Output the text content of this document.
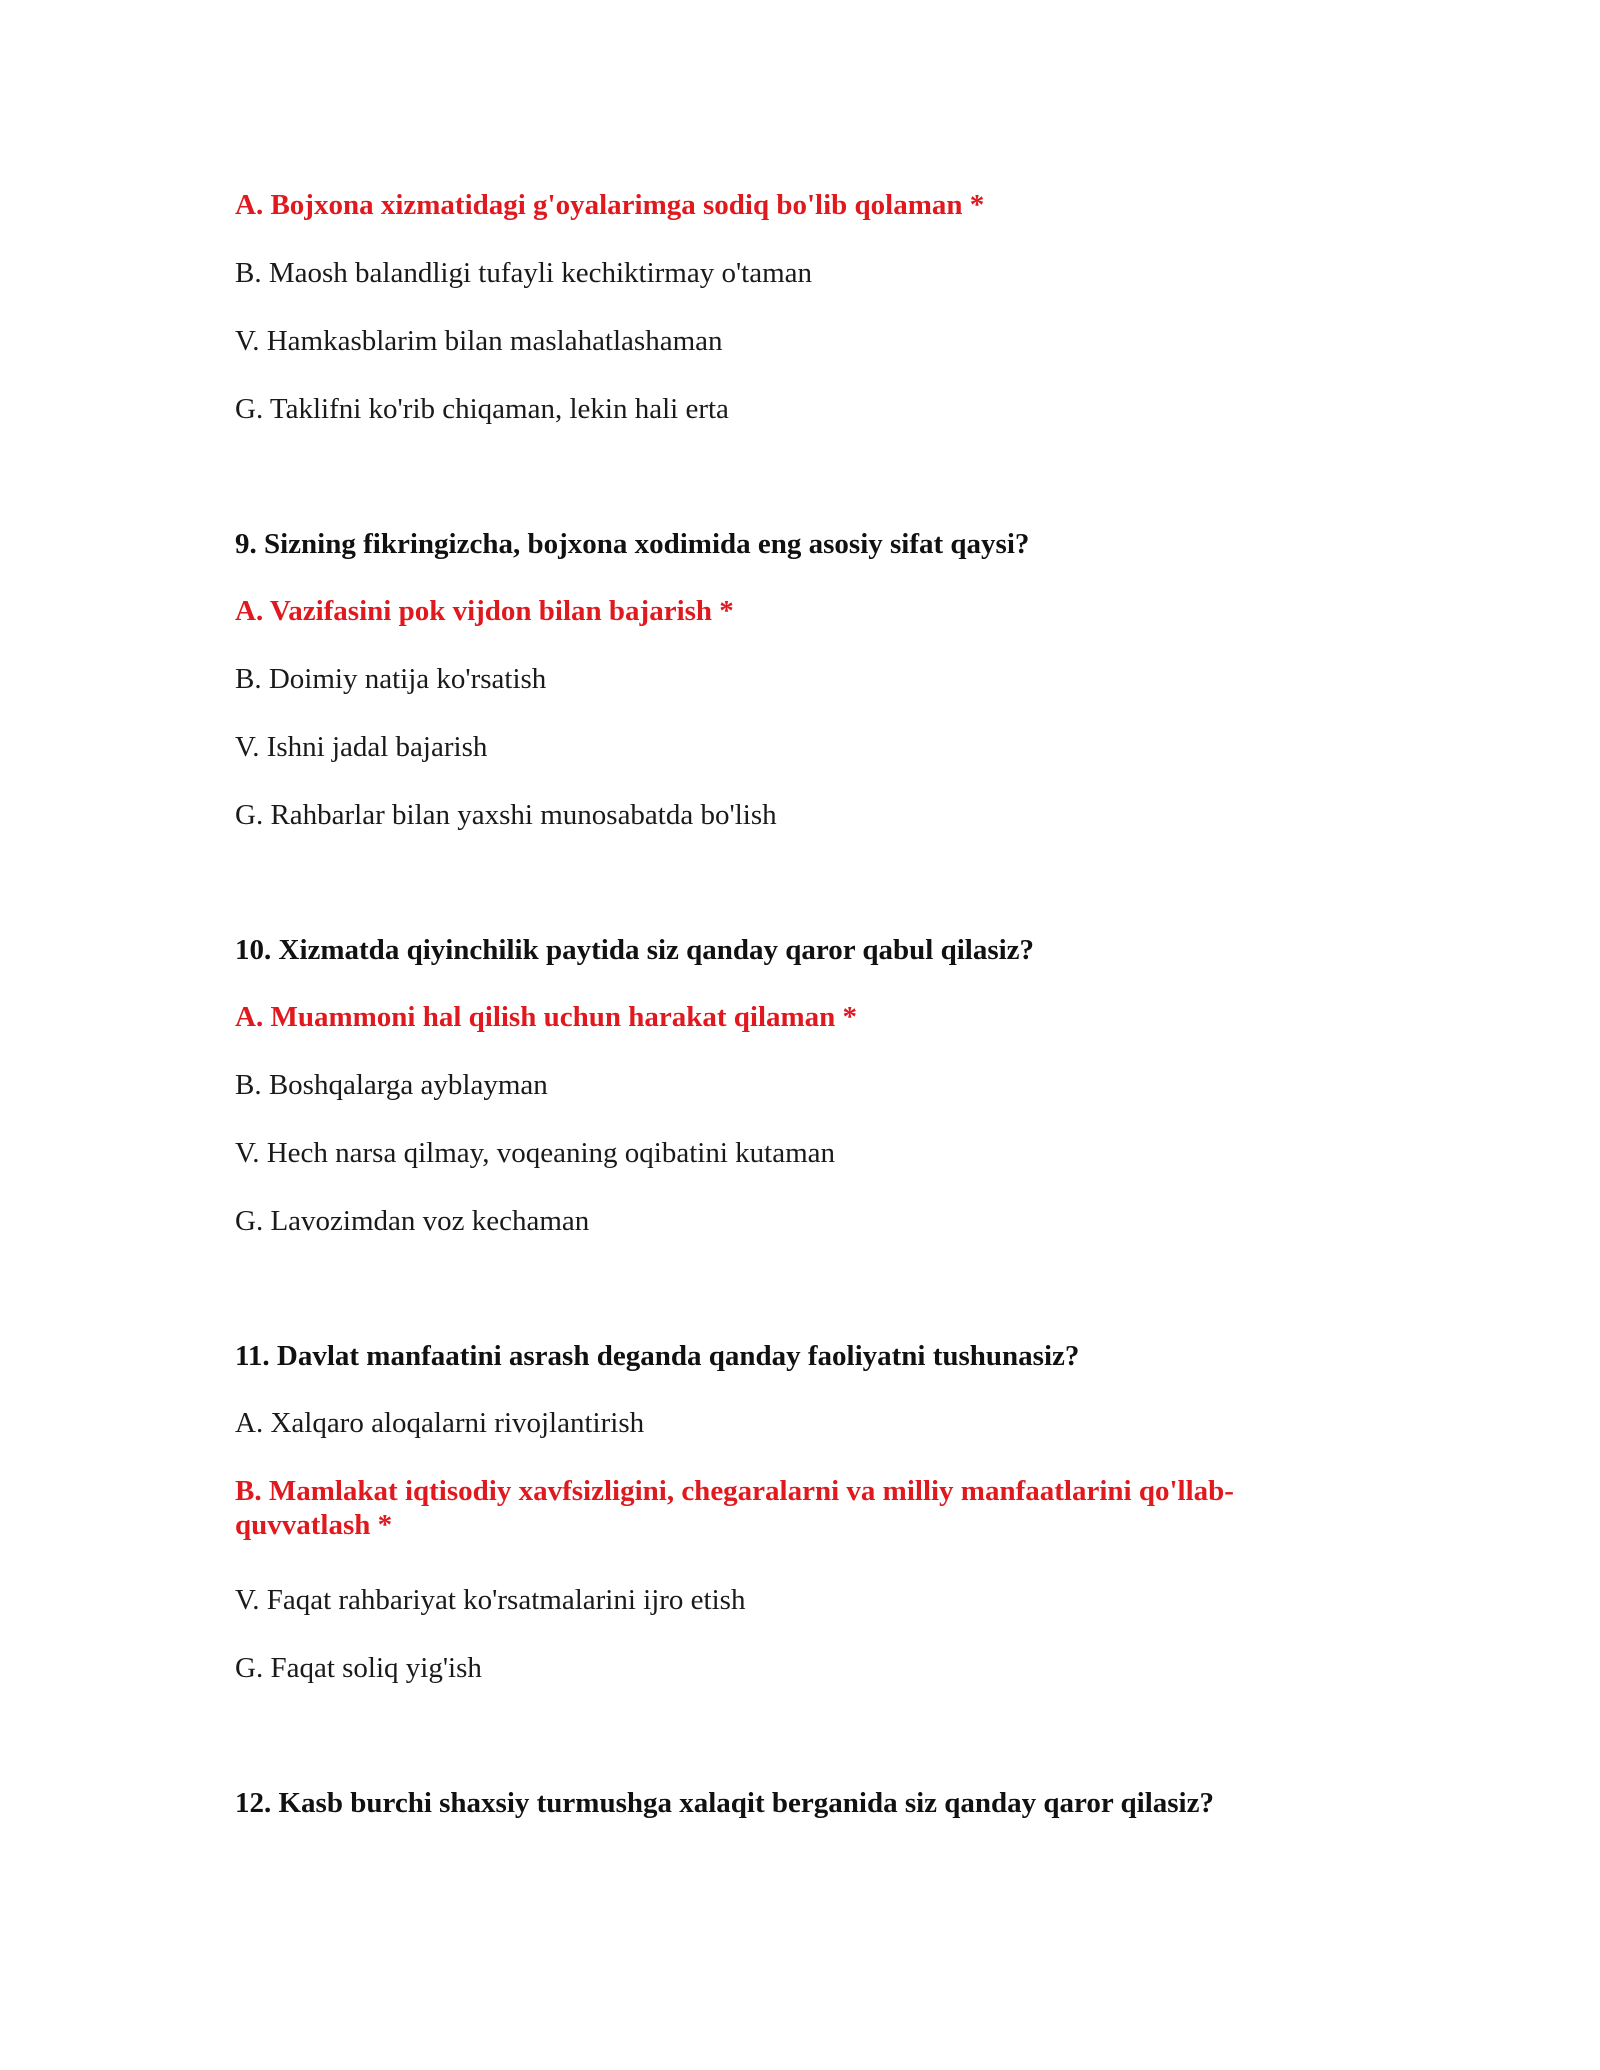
A. Bojxona xizmatidagi g'oyalarimga sodiq bo'lib qolaman *

B. Maosh balandligi tufayli kechiktirmay o'taman

V. Hamkasblarim bilan maslahatlashaman

G. Taklifni ko'rib chiqaman, lekin hali erta

9. Sizning fikringizcha, bojxona xodimida eng asosiy sifat qaysi?

A. Vazifasini pok vijdon bilan bajarish *

B. Doimiy natija ko'rsatish

V. Ishni jadal bajarish

G. Rahbarlar bilan yaxshi munosabatda bo'lish

10. Xizmatda qiyinchilik paytida siz qanday qaror qabul qilasiz?

A. Muammoni hal qilish uchun harakat qilaman *

B. Boshqalarga ayblayman

V. Hech narsa qilmay, voqeaning oqibatini kutaman

G. Lavozimdan voz kechaman

11. Davlat manfaatini asrash deganda qanday faoliyatni tushunasiz?

A. Xalqaro aloqalarni rivojlantirish

B. Mamlakat iqtisodiy xavfsizligini, chegaralarni va milliy manfaatlarini qo'llab-quvvatlash *

V. Faqat rahbariyat ko'rsatmalarini ijro etish

G. Faqat soliq yig'ish

12. Kasb burchi shaxsiy turmushga xalaqit berganida siz qanday qaror qilasiz?
